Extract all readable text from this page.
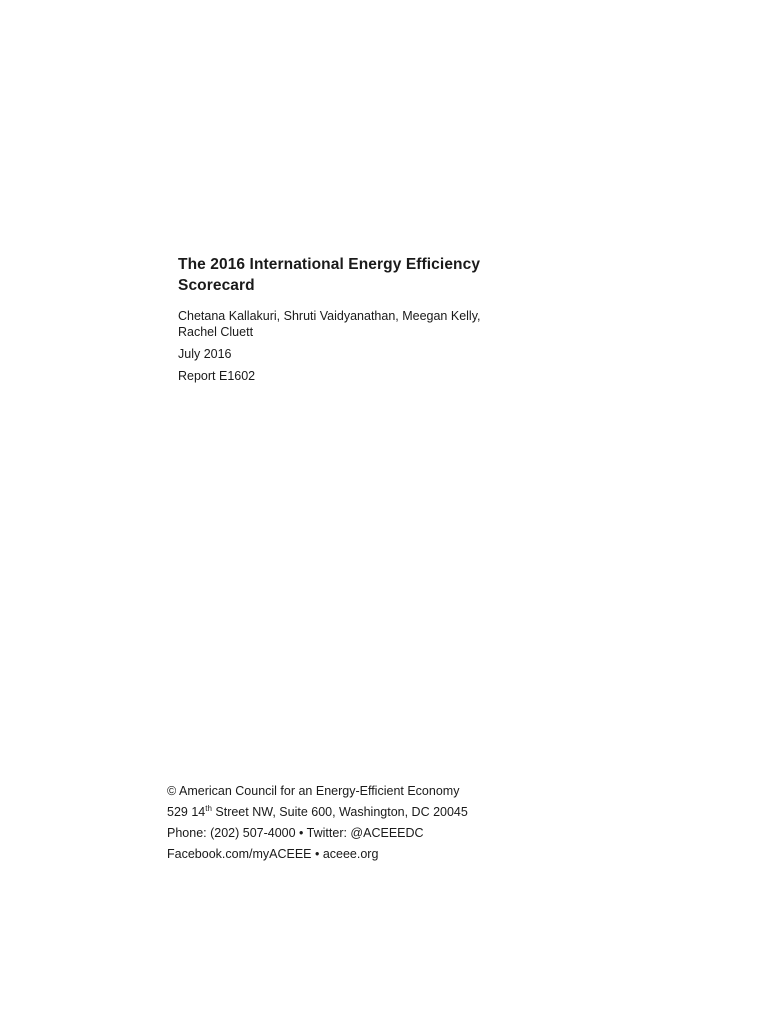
The 2016 International Energy Efficiency Scorecard
Chetana Kallakuri, Shruti Vaidyanathan, Meegan Kelly, Rachel Cluett
July 2016
Report E1602
© American Council for an Energy-Efficient Economy
529 14th Street NW, Suite 600, Washington, DC 20045
Phone: (202) 507-4000 • Twitter: @ACEEEDC
Facebook.com/myACEEE • aceee.org
